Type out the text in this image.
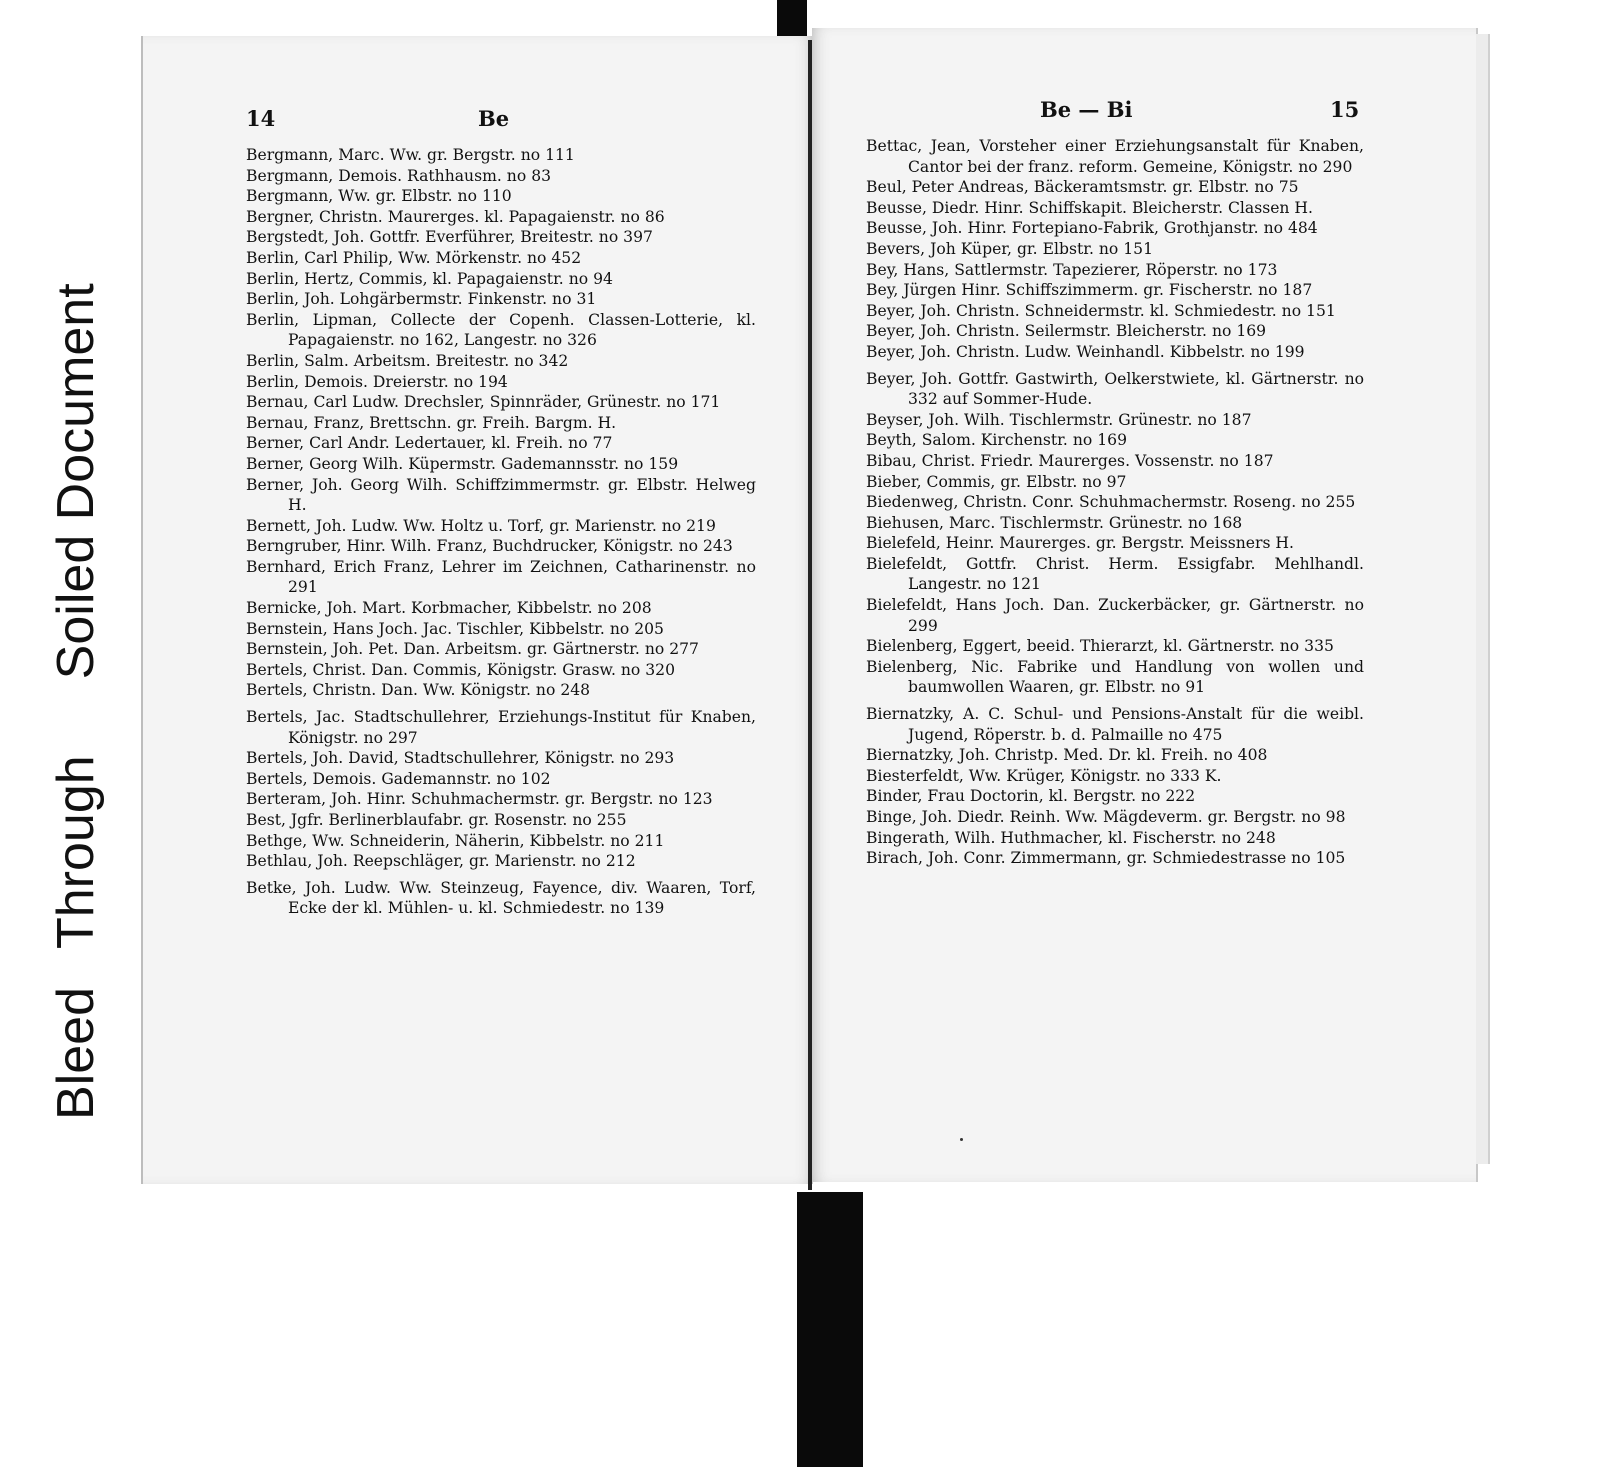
BleedThroughSoiled Document
14	Be	Be — Bi	15

Bergmann, Marc. Ww. gr. Bergstr. no 111

Bergmann, Demois. Rathhausm. no 83

Bergmann, Ww. gr. Elbstr. no 110

Bergner, Christn. Maurerges. kl. Papagaienstr. no 86

Bergstedt, Joh. Gottfr. Everführer, Breitestr. no 397

Berlin, Carl Philip, Ww. Mörkenstr. no 452

Berlin, Hertz, Commis, kl. Papagaienstr. no 94

Berlin, Joh. Lohgärbermstr. Finkenstr. no 31

Berlin, Lipman, Collecte der Copenh. Classen-Lotterie, kl. Papagaienstr. no 162, Langestr. no 326

Berlin, Salm. Arbeitsm. Breitestr. no 342

Berlin, Demois. Dreierstr. no 194

Bernau, Carl Ludw. Drechsler, Spinnräder, Grünestr. no 171

Bernau, Franz, Brettschn. gr. Freih. Bargm. H.

Berner, Carl Andr. Ledertauer, kl. Freih. no 77

Berner, Georg Wilh. Küpermstr. Gademannsstr. no 159

Berner, Joh. Georg Wilh. Schiffzimmermstr. gr. Elbstr. Helweg H.

Bernett, Joh. Ludw. Ww. Holtz u. Torf, gr. Marienstr. no 219

Berngruber, Hinr. Wilh. Franz, Buchdrucker, Königstr. no 243

Bernhard, Erich Franz, Lehrer im Zeichnen, Catharinenstr. no 291

Bernicke, Joh. Mart. Korbmacher, Kibbelstr. no 208

Bernstein, Hans Joch. Jac. Tischler, Kibbelstr. no 205

Bernstein, Joh. Pet. Dan. Arbeitsm. gr. Gärtnerstr. no 277

Bertels, Christ. Dan. Commis, Königstr. Grasw. no 320

Bertels, Christn. Dan. Ww. Königstr. no 248

Bertels, Jac. Stadtschullehrer, Erziehungs-Institut für Knaben, Königstr. no 297

Bertels, Joh. David, Stadtschullehrer, Königstr. no 293

Bertels, Demois. Gademannstr. no 102

Berteram, Joh. Hinr. Schuhmachermstr. gr. Bergstr. no 123

Best, Jgfr. Berlinerblaufabr. gr. Rosenstr. no 255

Bethge, Ww. Schneiderin, Näherin, Kibbelstr. no 211

Bethlau, Joh. Reepschläger, gr. Marienstr. no 212

Betke, Joh. Ludw. Ww. Steinzeug, Fayence, div. Waaren, Torf, Ecke der kl. Mühlen- u. kl. Schmiedestr. no 139

Bettac, Jean, Vorsteher einer Erziehungsanstalt für Knaben, Cantor bei der franz. reform. Gemeine, Königstr. no 290

Beul, Peter Andreas, Bäckeramtsmstr. gr. Elbstr. no 75

Beusse, Diedr. Hinr. Schiffskapit. Bleicherstr. Classen H.

Beusse, Joh. Hinr. Fortepiano-Fabrik, Grothjanstr. no 484

Bevers, Joh Küper, gr. Elbstr. no 151

Bey, Hans, Sattlermstr. Tapezierer, Röperstr. no 173

Bey, Jürgen Hinr. Schiffszimmerm. gr. Fischerstr. no 187

Beyer, Joh. Christn. Schneidermstr. kl. Schmiedestr. no 151

Beyer, Joh. Christn. Seilermstr. Bleicherstr. no 169

Beyer, Joh. Christn. Ludw. Weinhandl. Kibbelstr. no 199

Beyer, Joh. Gottfr. Gastwirth, Oelkerstwiete, kl. Gärtnerstr. no 332 auf Sommer-Hude.

Beyser, Joh. Wilh. Tischlermstr. Grünestr. no 187

Beyth, Salom. Kirchenstr. no 169

Bibau, Christ. Friedr. Maurerges. Vossenstr. no 187

Bieber, Commis, gr. Elbstr. no 97

Biedenweg, Christn. Conr. Schuhmachermstr. Roseng. no 255

Biehusen, Marc. Tischlermstr. Grünestr. no 168

Bielefeld, Heinr. Maurerges. gr. Bergstr. Meissners H.

Bielefeldt, Gottfr. Christ. Herm. Essigfabr. Mehlhandl. Langestr. no 121

Bielefeldt, Hans Joch. Dan. Zuckerbäcker, gr. Gärtnerstr. no 299

Bielenberg, Eggert, beeid. Thierarzt, kl. Gärtnerstr. no 335

Bielenberg, Nic. Fabrike und Handlung von wollen und baumwollen Waaren, gr. Elbstr. no 91

Biernatzky, A. C. Schul- und Pensions-Anstalt für die weibl. Jugend, Röperstr. b. d. Palmaille no 475

Biernatzky, Joh. Christp. Med. Dr. kl. Freih. no 408

Biesterfeldt, Ww. Krüger, Königstr. no 333 K.

Binder, Frau Doctorin, kl. Bergstr. no 222

Binge, Joh. Diedr. Reinh. Ww. Mägdeverm. gr. Bergstr. no 98

Bingerath, Wilh. Huthmacher, kl. Fischerstr. no 248

Birach, Joh. Conr. Zimmermann, gr. Schmiedestrasse no 105
